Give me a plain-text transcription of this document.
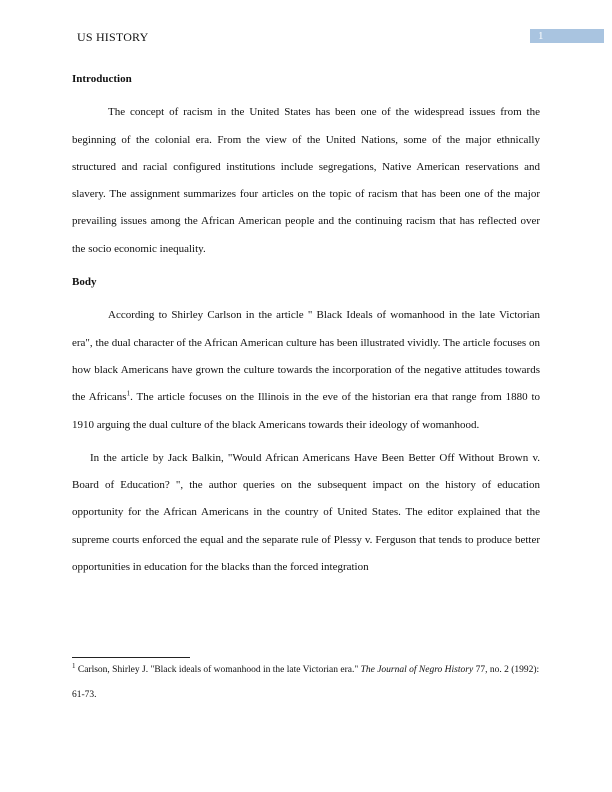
US HISTORY	1

Introduction

The concept of racism in the United States has been one of the widespread issues from the beginning of the colonial era. From the view of the United Nations, some of the major ethnically structured and racial configured institutions include segregations, Native American reservations and slavery. The assignment summarizes four articles on the topic of racism that has been one of the major prevailing issues among the African American people and the continuing racism that has reflected over the socio economic inequality.

Body

According to Shirley Carlson in the article " Black Ideals of womanhood in the late Victorian era", the dual character of the African American culture has been illustrated vividly. The article focuses on how black Americans have grown the culture towards the incorporation of the negative attitudes towards the Africans$^1$. The article focuses on the Illinois in the eve of the historian era that range from 1880 to 1910 arguing the dual culture of the black Americans towards their ideology of womanhood.

In the article by Jack Balkin, "Would African Americans Have Been Better Off Without Brown v. Board of Education? ", the author queries on the subsequent impact on the history of education opportunity for the African Americans in the country of United States. The editor explained that the supreme courts enforced the equal and the separate rule of Plessy v. Ferguson that tends to produce better opportunities in education for the blacks than the forced integration

$^1$ Carlson, Shirley J. "Black ideals of womanhood in the late Victorian era." The Journal of Negro History 77, no. 2 (1992): 61-73.
